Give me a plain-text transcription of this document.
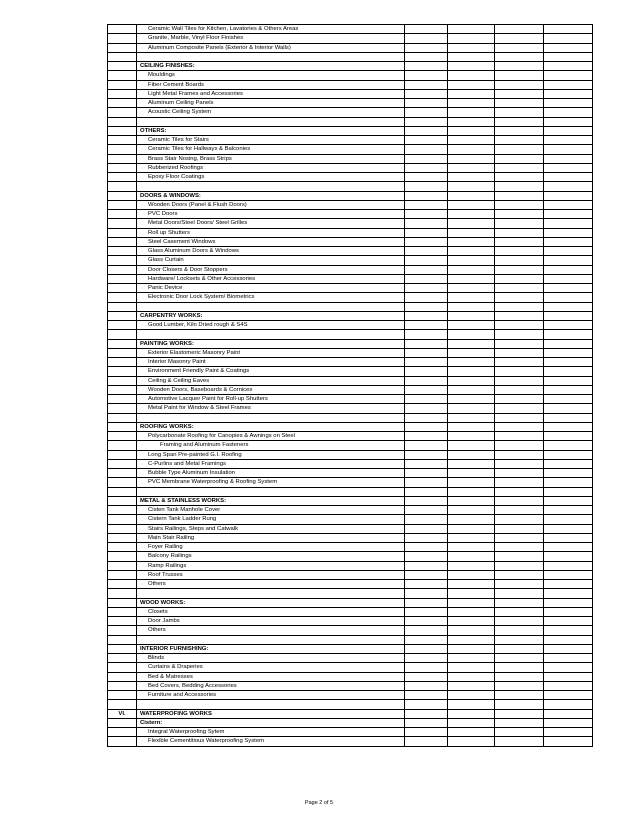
	Ceramic Wall Tiles for Kitchen, Lavatories & Others Areas				
	Granite, Marble, Vinyl Floor Finishes				
	Aluminum Composite Panels (Exterior & Interior Walls)				

	CEILING FINISHES:				
	Mouldings				
	Fiber Cement Boards				
	Light Metal Frames and Accessories				
	Aluminum Ceiling Panels				
	Acoustic Ceiling System				

	OTHERS:				
	Ceramic Tiles for Stairs				
	Ceramic Tiles for Hallways & Balconies				
	Brass Stair Nosing, Brass Strips				
	Rubberized Roofings				
	Epoxy Floor Coatings				

	DOORS & WINDOWS:				
	Wooden Doors (Panel & Flush Doors)				
	PVC Doors				
	Metal Doors/Steel Doors/ Steel Grilles				
	Roll up Shutters				
	Steel Casement Windows				
	Glass Aluminum Doors & Windows				
	Glass Curtain				
	Door Closers & Door Stoppers				
	Hardware/ Locksets & Other Accessories				
	Panic Device				
	Electronic Door Lock System/ Biometrics				

	CARPENTRY WORKS:				
	Good Lumber, Kiln Dried rough & S4S				

	PAINTING WORKS:				
	Exterior Elastomeric Masonry Paint				
	Interior Masonry Paint				
	Environment Friendly Paint & Coatings				
	Ceiling & Ceiling Eaves				
	Wooden Doors, Baseboards & Cornices				
	Automotive Lacquer Paint for Roll-up Shutters				
	Metal Paint for Window & Steel Frames				

	ROOFING WORKS:				
	Polycarbonate Roofing for Canopies & Awnings on Steel				
	Framing and Aluminum Fasteners				
	Long Span Pre-painted G.I. Roofing				
	C-Purlins and Metal Framings				
	Bubble Type Aluminum Insulation				
	PVC Membrane Waterproofing & Roofing System				

	METAL & STAINLESS WORKS:				
	Cisten Tank Manhole Cover				
	Cistern Tank Ladder Rung				
	Stairs Railings, Steps and Catwalk				
	Main Stair Railing				
	Foyer Railing				
	Balcony Railings				
	Ramp Railings				
	Roof Trusses				
	Others				

	WOOD WORKS:				
	Closets				
	Door Jambs				
	Others				

	INTERIOR FURNISHING:				
	Blinds				
	Curtains & Draperies				
	Bed & Matresses				
	Bed Covers, Bedding Accessories				
	Furniture and Accessories				

VI.	WATERPROFING WORKS				
	Cistern:				
	Integral Waterproofing Sytem				
	Flexible Cementitious Waterproofing System				
Page 2 of 5
